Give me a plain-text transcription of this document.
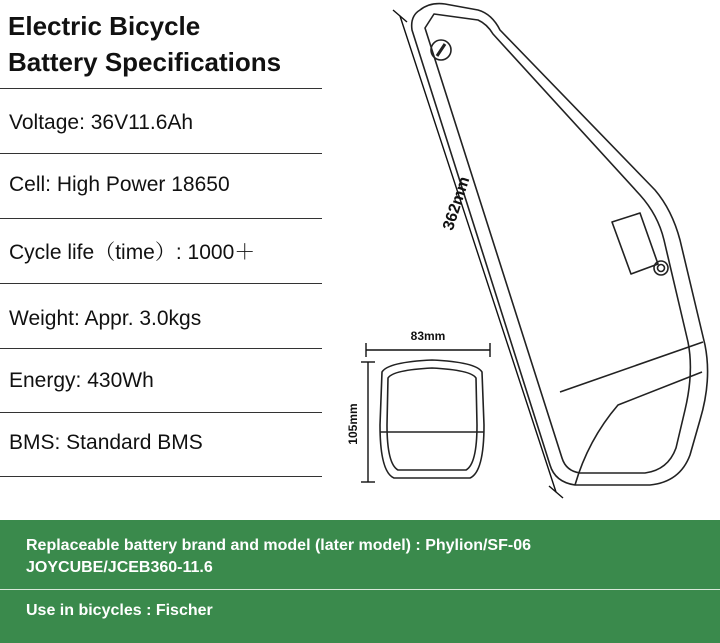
Electric Bicycle
Battery Specifications
Voltage: 36V11.6Ah
Cell: High Power 18650
Cycle life（time）: 1000＋
Weight: Appr. 3.0kgs
Energy: 430Wh
BMS: Standard BMS
362mm
83mm
105mm
Replaceable battery brand and model (later model) : Phylion/SF-06
JOYCUBE/JCEB360-11.6
Use in bicycles : Fischer
